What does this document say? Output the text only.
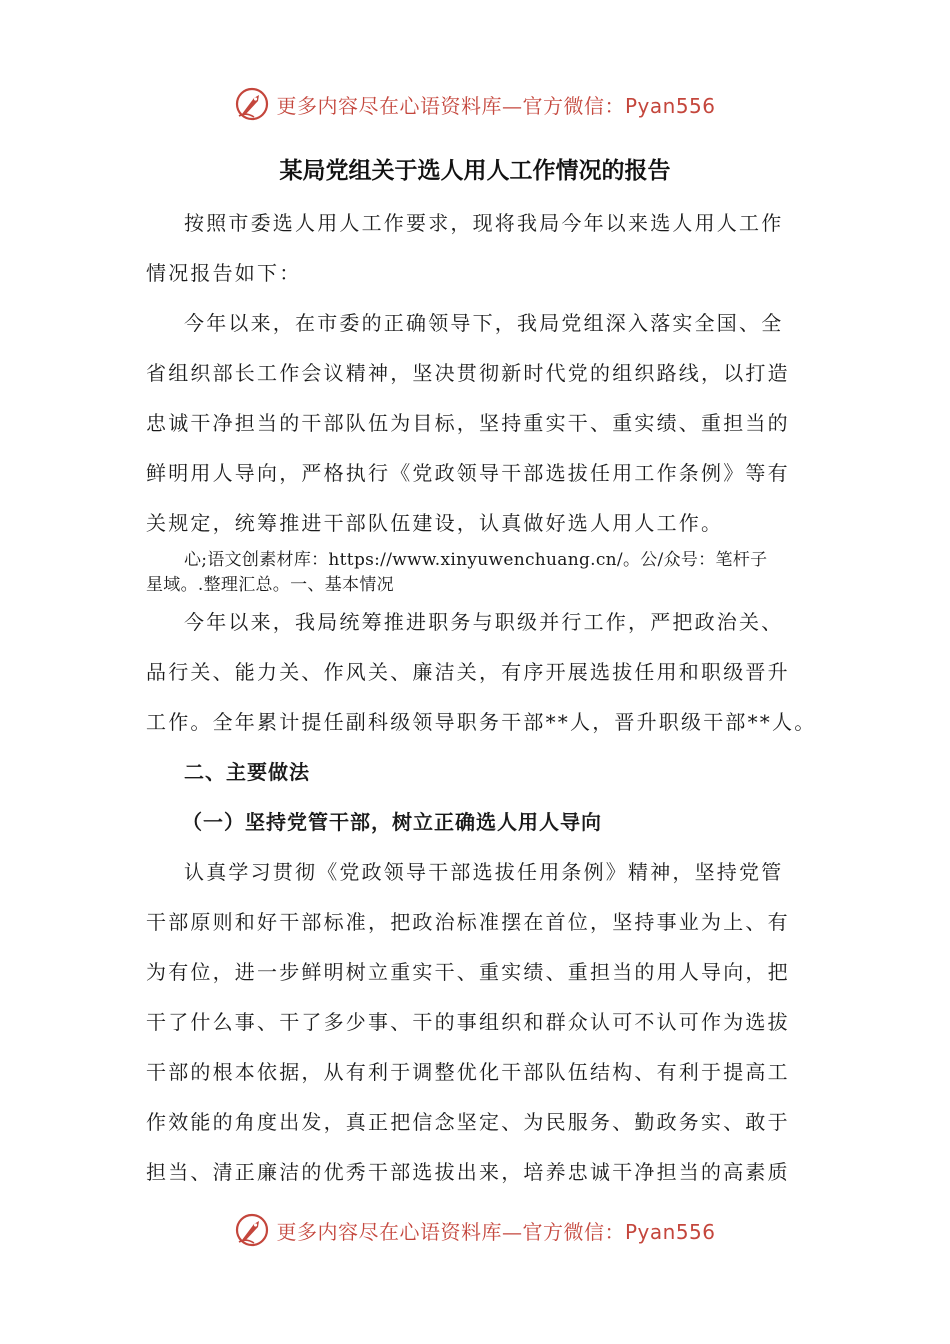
更多内容尽在心语资料库—官方微信：Pyan556
某局党组关于选人用人工作情况的报告
按照市委选人用人工作要求，现将我局今年以来选人用人工作
情况报告如下：
今年以来，在市委的正确领导下，我局党组深入落实全国、全
省组织部长工作会议精神，坚决贯彻新时代党的组织路线，以打造
忠诚干净担当的干部队伍为目标，坚持重实干、重实绩、重担当的
鲜明用人导向，严格执行《党政领导干部选拔任用工作条例》等有
关规定，统筹推进干部队伍建设，认真做好选人用人工作。
心;语文创素材库：https://www.xinyuwenchuang.cn/。公/众号：笔杆子
星域。.整理汇总。一、基本情况
今年以来，我局统筹推进职务与职级并行工作，严把政治关、
品行关、能力关、作风关、廉洁关，有序开展选拔任用和职级晋升
工作。全年累计提任副科级领导职务干部**人，晋升职级干部**人。
二、主要做法
（一）坚持党管干部，树立正确选人用人导向
认真学习贯彻《党政领导干部选拔任用条例》精神，坚持党管
干部原则和好干部标准，把政治标准摆在首位，坚持事业为上、有
为有位，进一步鲜明树立重实干、重实绩、重担当的用人导向，把
干了什么事、干了多少事、干的事组织和群众认可不认可作为选拔
干部的根本依据，从有利于调整优化干部队伍结构、有利于提高工
作效能的角度出发，真正把信念坚定、为民服务、勤政务实、敢于
担当、清正廉洁的优秀干部选拔出来，培养忠诚干净担当的高素质
更多内容尽在心语资料库—官方微信：Pyan556
